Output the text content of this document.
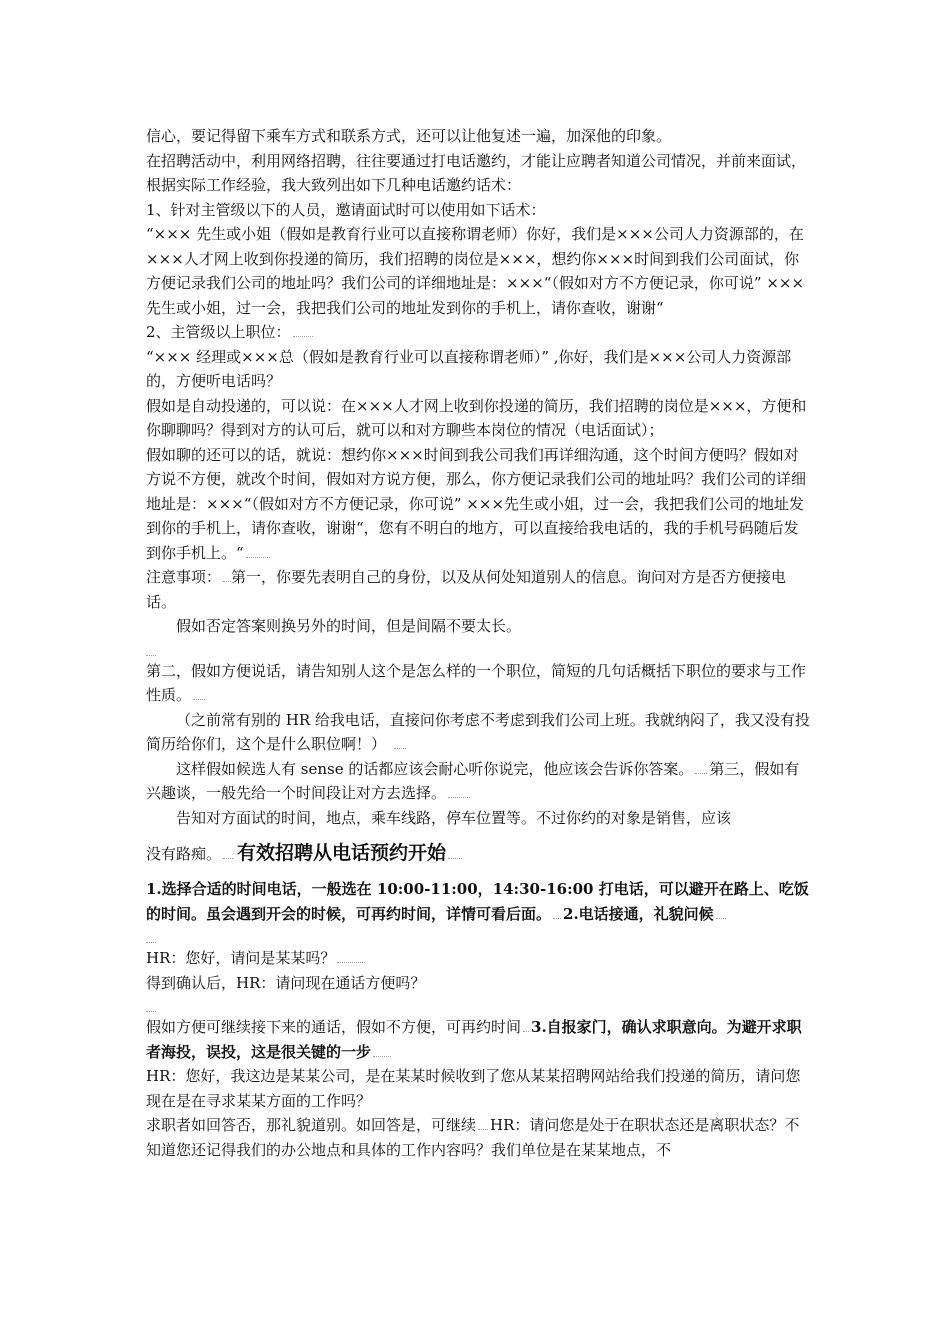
信心，要记得留下乘车方式和联系方式，还可以让他复述一遍，加深他的印象。

在招聘活动中，利用网络招聘，往往要通过打电话邀约，才能让应聘者知道公司情况，并前来面试，根据实际工作经验，我大致列出如下几种电话邀约话术：

1、针对主管级以下的人员，邀请面试时可以使用如下话术：

“××× 先生或小姐（假如是教育行业可以直接称谓老师）你好，我们是×××公司人力资源部的，在×××人才网上收到你投递的简历，我们招聘的岗位是×××，想约你×××时间到我们公司面试，你方便记录我们公司的地址吗？我们公司的详细地址是：×××“（假如对方不方便记录，你可说” ×××先生或小姐，过一会，我把我们公司的地址发到你的手机上，请你查收，谢谢“

2、主管级以上职位：

“××× 经理或×××总（假如是教育行业可以直接称谓老师）” ,你好，我们是×××公司人力资源部的，方便听电话吗？

假如是自动投递的，可以说：在×××人才网上收到你投递的简历，我们招聘的岗位是×××，方便和你聊聊吗？得到对方的认可后，就可以和对方聊些本岗位的情况（电话面试）；

假如聊的还可以的话，就说：想约你×××时间到我公司我们再详细沟通，这个时间方便吗？假如对方说不方便，就改个时间，假如对方说方便，那么，你方便记录我们公司的地址吗？我们公司的详细地址是：×××“（假如对方不方便记录，你可说” ×××先生或小姐，过一会，我把我们公司的地址发到你的手机上，请你查收，谢谢“，您有不明白的地方，可以直接给我电话的，我的手机号码随后发到你手机上。“

注意事项： 第一，你要先表明自己的身份，以及从何处知道别人的信息。询问对方是否方便接电话。

假如否定答案则换另外的时间，但是间隔不要太长。

第二，假如方便说话，请告知别人这个是怎么样的一个职位，简短的几句话概括下职位的要求与工作性质。

（之前常有别的 HR 给我电话，直接问你考虑不考虑到我们公司上班。我就纳闷了，我又没有投简历给你们，这个是什么职位啊！）

这样假如候选人有 sense 的话都应该会耐心听你说完，他应该会告诉你答案。 第三，假如有兴趣谈，一般先给一个时间段让对方去选择。

告知对方面试的时间，地点，乘车线路，停车位置等。不过你约的对象是销售，应该

没有路痴。 有效招聘从电话预约开始

1.选择合适的时间电话，一般选在 10:00-11:00，14:30-16:00 打电话，可以避开在路上、吃饭的时间。虽会遇到开会的时候，可再约时间，详情可看后面。 2.电话接通，礼貌问候

HR：您好，请问是某某吗？

得到确认后，HR：请问现在通话方便吗？

假如方便可继续接下来的通话，假如不方便，可再约时间 3.自报家门，确认求职意向。为避开求职者海投，误投，这是很关键的一步

HR：您好，我这边是某某公司，是在某某时候收到了您从某某招聘网站给我们投递的简历，请问您现在是在寻求某某方面的工作吗？

求职者如回答否，那礼貌道别。如回答是，可继续 HR：请问您是处于在职状态还是离职状态？不知道您还记得我们的办公地点和具体的工作内容吗？我们单位是在某某地点，不
